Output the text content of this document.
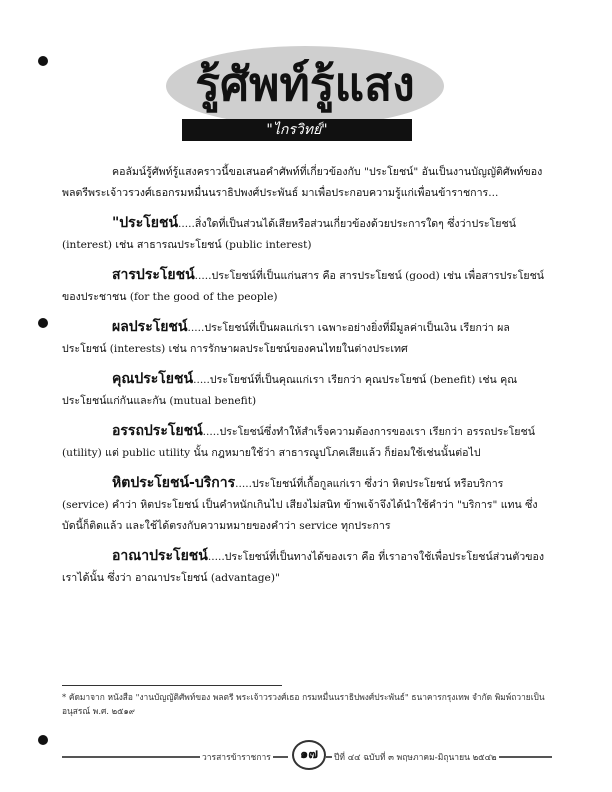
รู้ศัพท์รู้แสง
"ไกรวิทย์"

คอลัมน์รู้ศัพท์รู้แสงคราวนี้ขอเสนอคำศัพท์ที่เกี่ยวข้องกับ "ประโยชน์" อันเป็นงานบัญญัติศัพท์ของพลตรีพระเจ้าวรวงศ์เธอกรมหมื่นนราธิปพงศ์ประพันธ์ มาเพื่อประกอบความรู้แก่เพื่อนข้าราชการ...

"ประโยชน์.....สิ่งใดที่เป็นส่วนได้เสียหรือส่วนเกี่ยวข้องด้วยประการใดๆ ซึ่งว่าประโยชน์ (interest) เช่น สาธารณประโยชน์ (public interest)

สารประโยชน์.....ประโยชน์ที่เป็นแก่นสาร คือ สารประโยชน์ (good) เช่น เพื่อสารประโยชน์ของประชาชน (for the good of the people)

ผลประโยชน์.....ประโยชน์ที่เป็นผลแก่เรา เฉพาะอย่างยิ่งที่มีมูลค่าเป็นเงิน เรียกว่า ผลประโยชน์ (interests) เช่น การรักษาผลประโยชน์ของคนไทยในต่างประเทศ

คุณประโยชน์.....ประโยชน์ที่เป็นคุณแก่เรา เรียกว่า คุณประโยชน์ (benefit) เช่น คุณประโยชน์แก่กันและกัน (mutual benefit)

อรรถประโยชน์.....ประโยชน์ซึ่งทำให้สำเร็จความต้องการของเรา เรียกว่า อรรถประโยชน์ (utility) แต่ public utility นั้น กฎหมายใช้ว่า สาธารณูปโภคเสียแล้ว ก็ย่อมใช้เช่นนั้นต่อไป

หิตประโยชน์-บริการ.....ประโยชน์ที่เกื้อกูลแก่เรา ซึ่งว่า หิตประโยชน์ หรือบริการ (service) คำว่า หิตประโยชน์ เป็นคำหนักเกินไป เสียงไม่สนิท ข้าพเจ้าจึงได้นำใช้คำว่า "บริการ" แทน ซึ่งบัดนี้ก็ติดแล้ว และใช้ได้ตรงกับความหมายของคำว่า service ทุกประการ

อาณาประโยชน์.....ประโยชน์ที่เป็นทางได้ของเรา คือ ที่เราอาจใช้เพื่อประโยชน์ส่วนตัวของเราได้นั้น ซึ่งว่า อาณาประโยชน์ (advantage)"

* คัดมาจาก หนังสือ "งานบัญญัติศัพท์ของ พลตรี พระเจ้าวรวงศ์เธอ กรมหมื่นนราธิปพงศ์ประพันธ์" ธนาคารกรุงเทพ จำกัด พิมพ์ถวายเป็นอนุสรณ์ พ.ศ. ๒๕๑๙
วารสารข้าราชการ	๑๗	ปีที่ ๔๔ ฉบับที่ ๓ พฤษภาคม-มิถุนายน ๒๕๔๒
